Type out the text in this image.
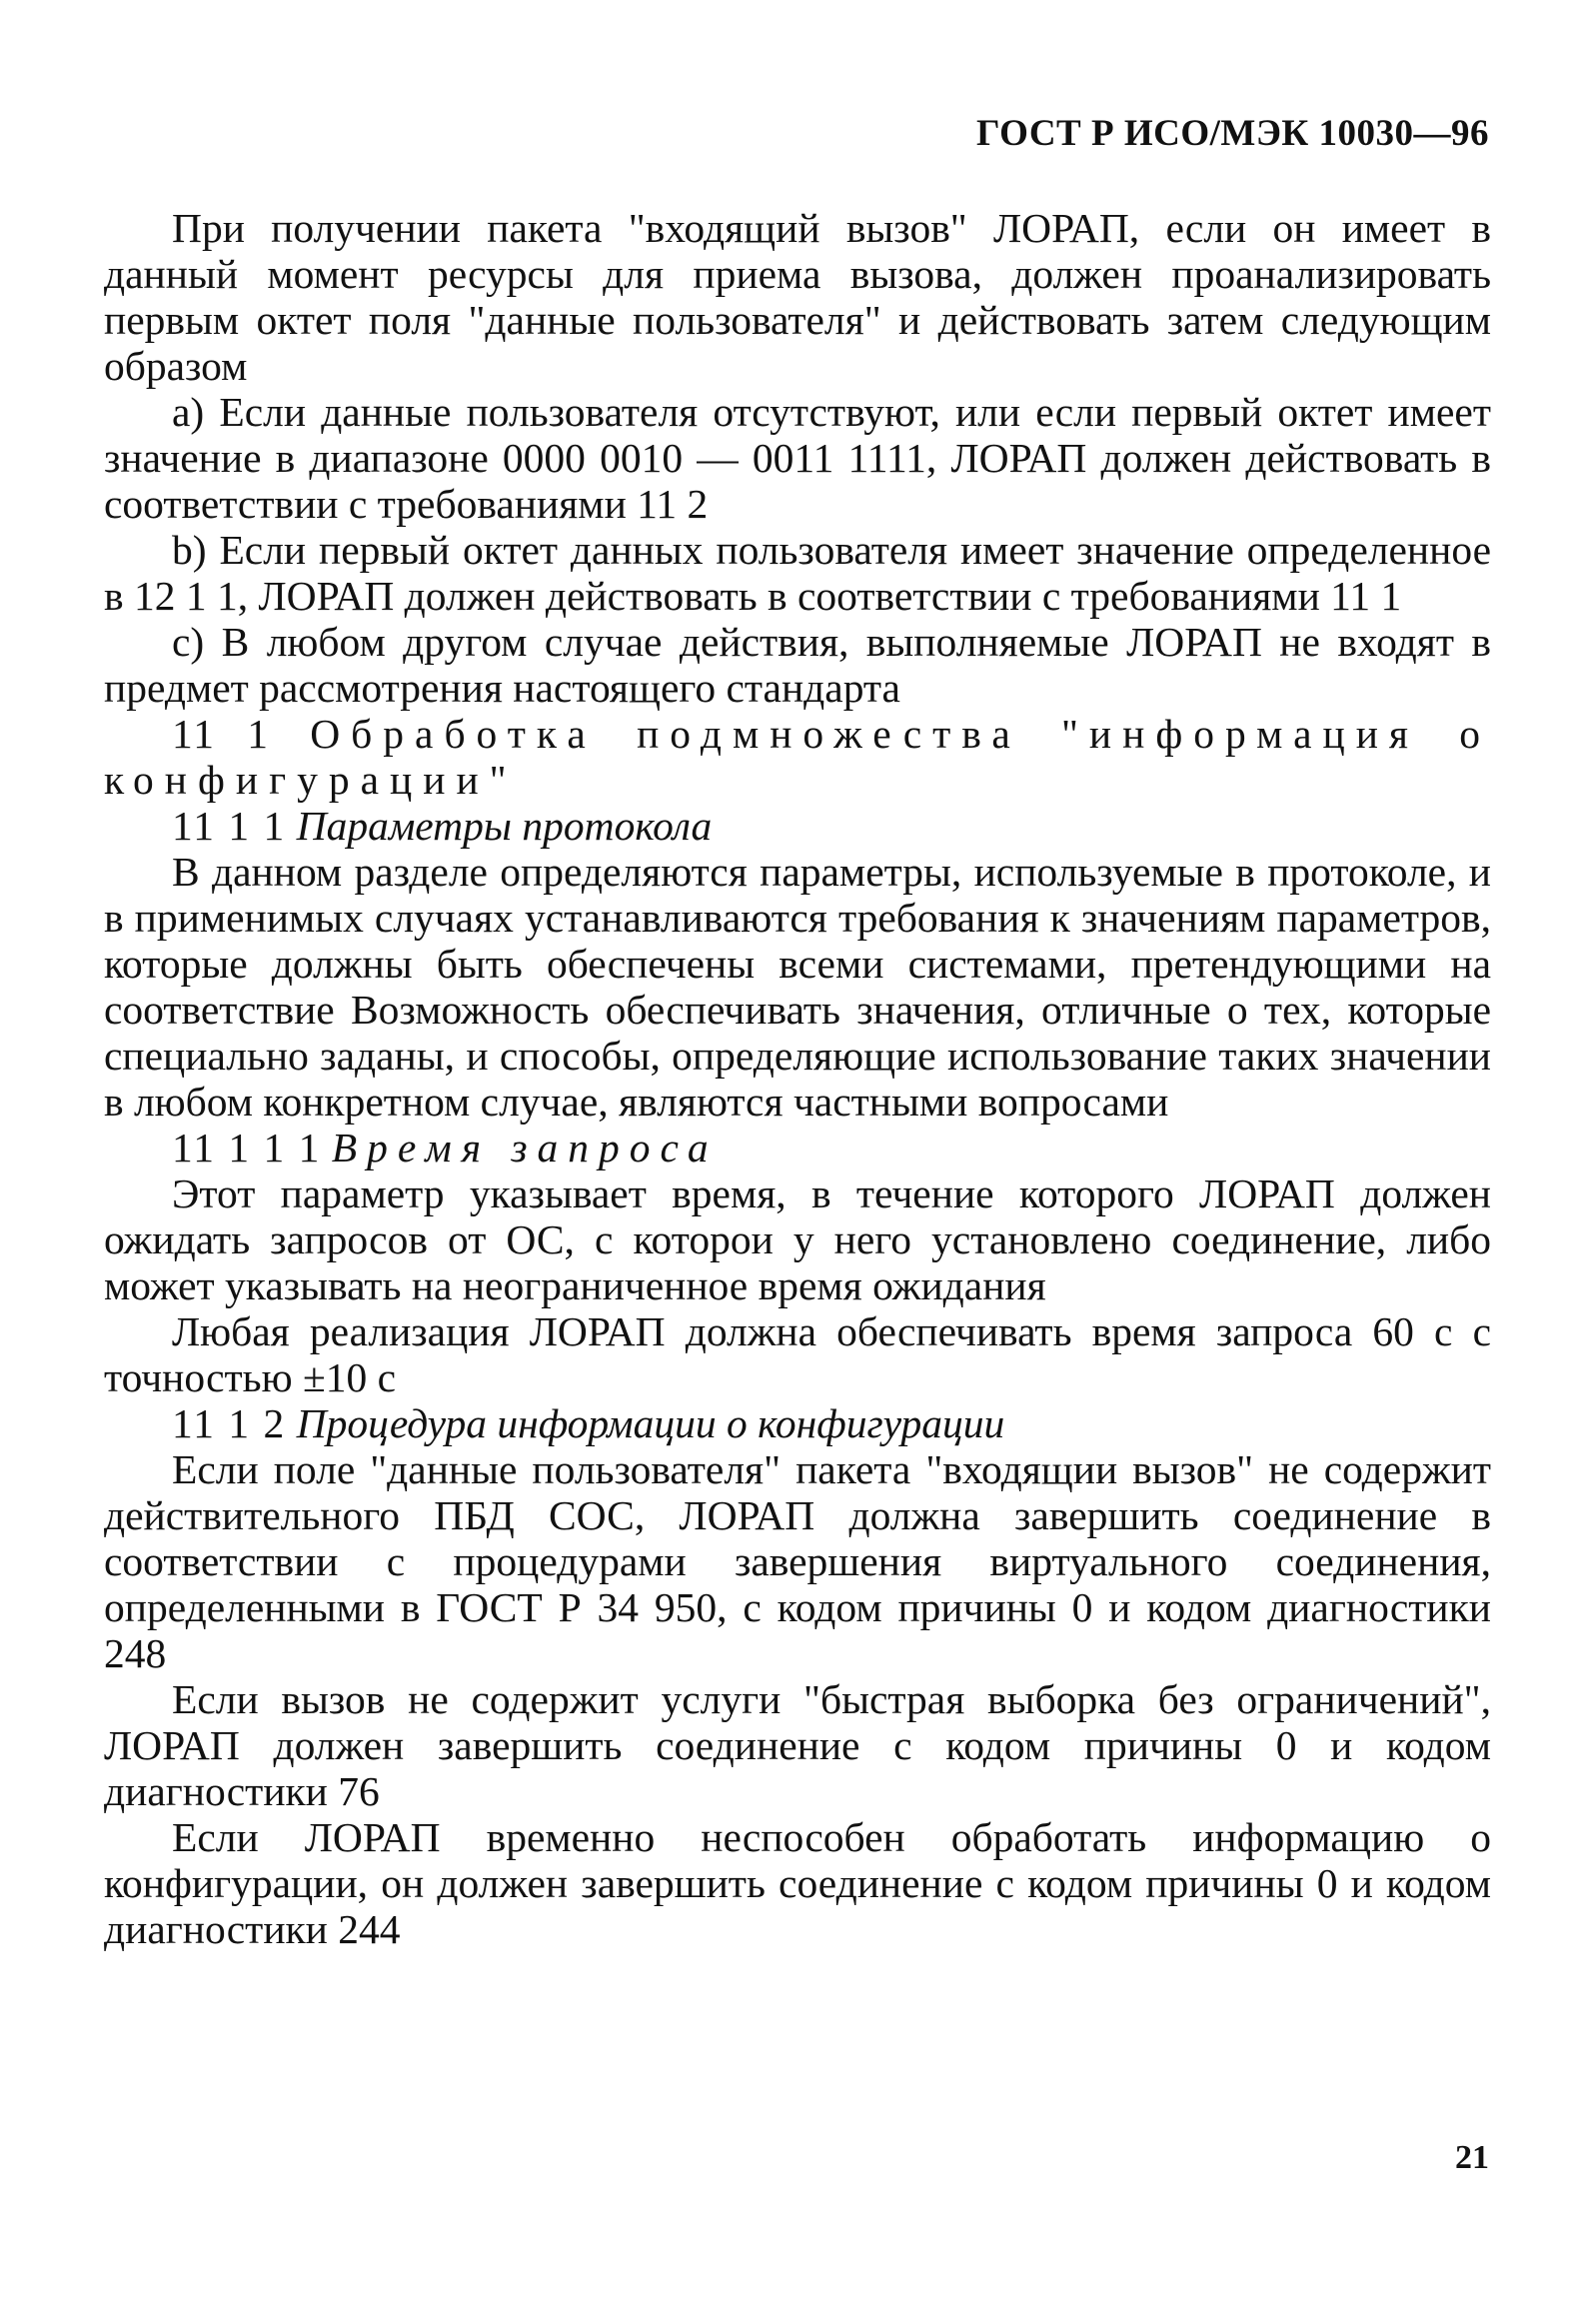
ГОСТ Р ИСО/МЭК 10030—96

При получении пакета "входящий вызов" ЛОРАП, если он имеет в данный момент ресурсы для приема вызова, должен проанализировать первым октет поля "данные пользователя" и действовать затем следующим образом

а) Если данные пользователя отсутствуют, или если первый октет имеет значение в диапазоне 0000 0010 — 0011 1111, ЛОРАП должен действовать в соответствии с требованиями 11 2

b) Если первый октет данных пользователя имеет значение определенное в 12 1 1, ЛОРАП должен действовать в соответствии с требованиями 11 1

с) В любом другом случае действия, выполняемые ЛОРАП не входят в предмет рассмотрения настоящего стандарта

11 1 Обработка подмножества "информация о конфигурации"

11 1 1 Параметры протокола

В данном разделе определяются параметры, используемые в протоколе, и в применимых случаях устанавливаются требования к значениям параметров, которые должны быть обеспечены всеми системами, претендующими на соответствие Возможность обеспечивать значения, отличные о тех, которые специально заданы, и способы, определяющие использование таких значении в любом конкретном случае, являются частными вопросами

11 1 1 1 Время запроса

Этот параметр указывает время, в течение которого ЛОРАП должен ожидать запросов от ОС, с которои у него установлено соединение, либо может указывать на неограниченное время ожидания

Любая реализация ЛОРАП должна обеспечивать время запроса 60 с с точностью ±10 с

11 1 2 Процедура информации о конфигурации

Если поле "данные пользователя" пакета "входящии вызов" не содержит действительного ПБД СОС, ЛОРАП должна завершить соединение в соответствии с процедурами завершения виртуального соединения, определенными в ГОСТ Р 34 950, с кодом причины 0 и кодом диагностики 248

Если вызов не содержит услуги "быстрая выборка без ограничений", ЛОРАП должен завершить соединение с кодом причины 0 и кодом диагностики 76

Если ЛОРАП временно неспособен обработать информацию о конфигурации, он должен завершить соединение с кодом причины 0 и кодом диагностики 244

21
